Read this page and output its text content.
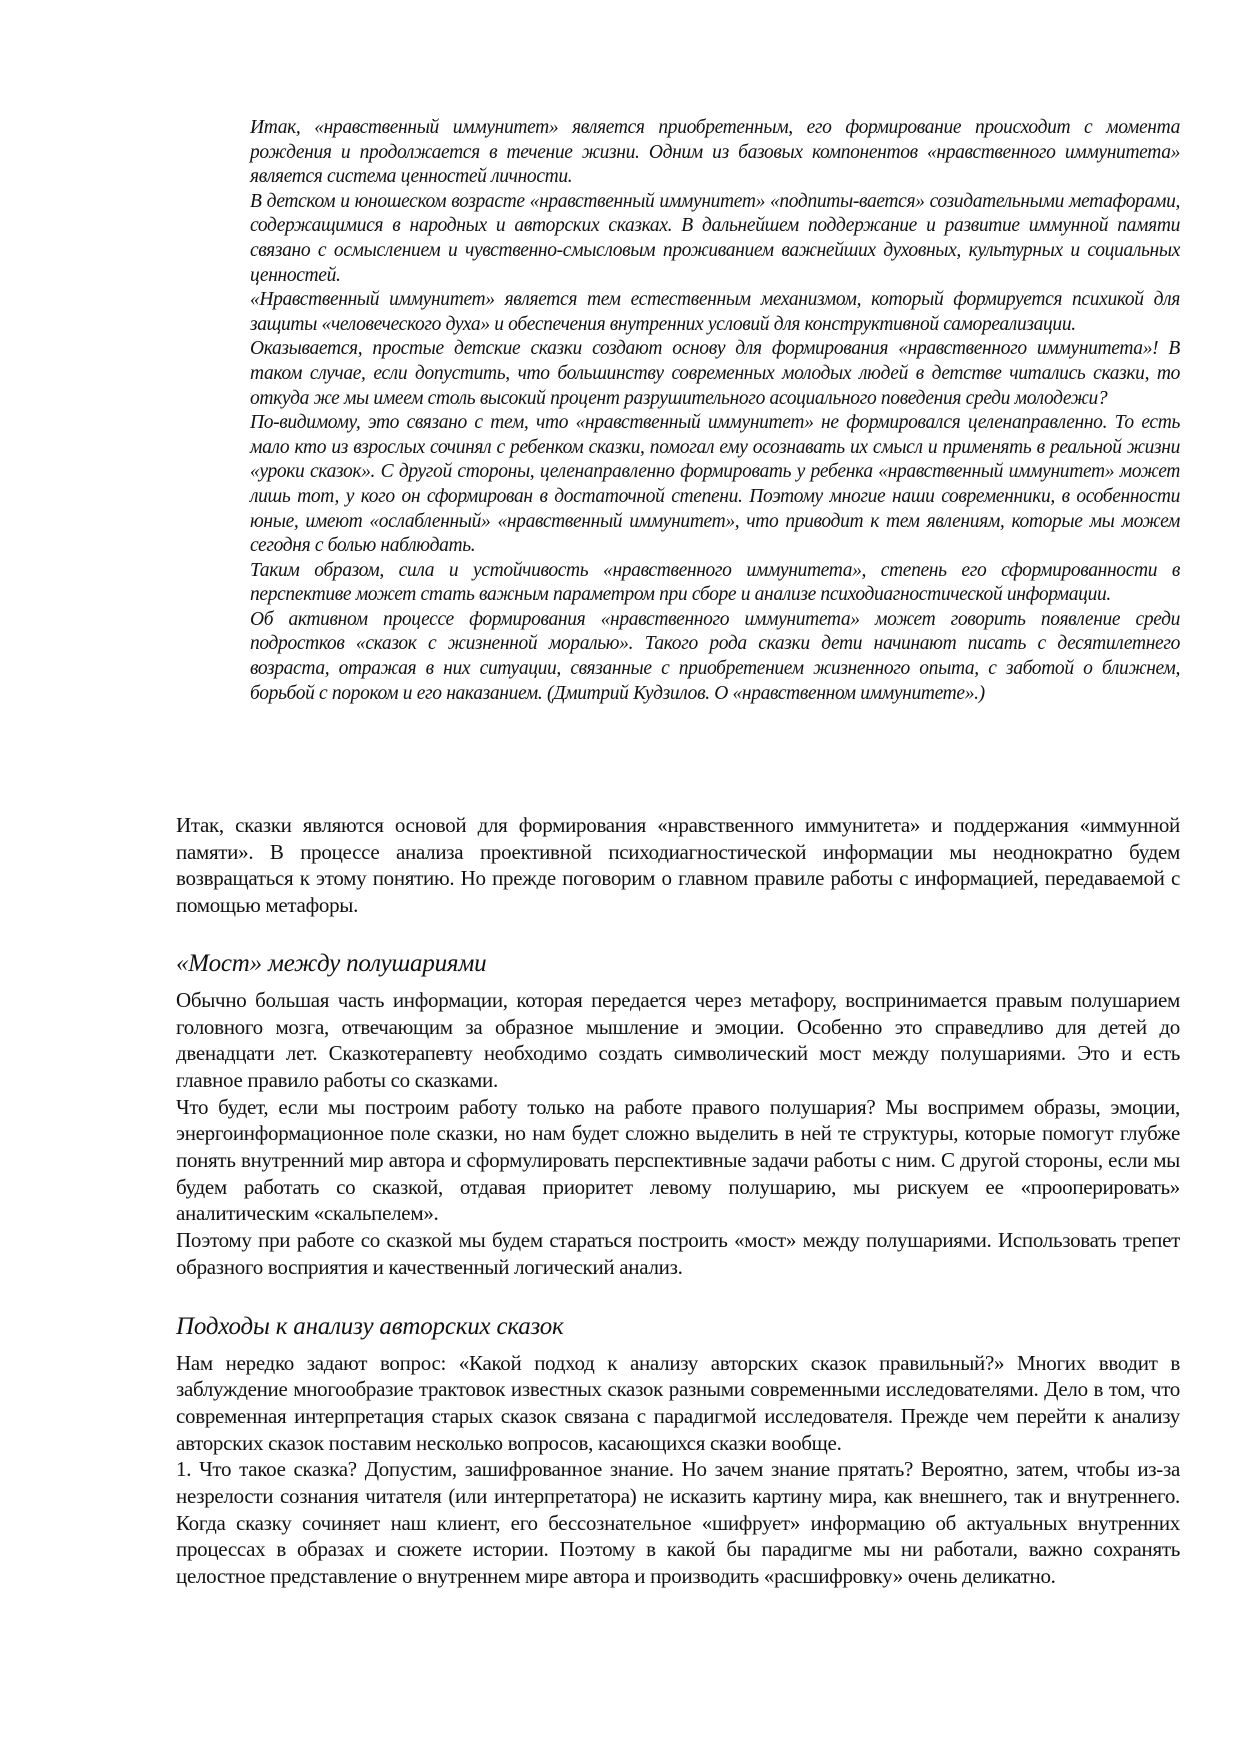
Итак, «нравственный иммунитет» является приобретенным, его формирование происходит с момента рождения и продолжается в течение жизни. Одним из базовых компонентов «нравственного иммунитета» является система ценностей личности.

В детском и юношеском возрасте «нравственный иммунитет» «подпиты-вается» созидательными метафорами, содержащимися в народных и авторских сказках. В дальнейшем поддержание и развитие иммунной памяти связано с осмыслением и чувственно-смысловым проживанием важнейших духовных, культурных и социальных ценностей.

«Нравственный иммунитет» является тем естественным механизмом, который формируется психикой для защиты «человеческого духа» и обеспечения внутренних условий для конструктивной самореализации.

Оказывается, простые детские сказки создают основу для формирования «нравственного иммунитета»! В таком случае, если допустить, что большинству современных молодых людей в детстве читались сказки, то откуда же мы имеем столь высокий процент разрушительного асоциального поведения среди молодежи?

По-видимому, это связано с тем, что «нравственный иммунитет» не формировался целенаправленно. То есть мало кто из взрослых сочинял с ребенком сказки, помогал ему осознавать их смысл и применять в реальной жизни «уроки сказок». С другой стороны, целенаправленно формировать у ребенка «нравственный иммунитет» может лишь тот, у кого он сформирован в достаточной степени. Поэтому многие наши современники, в особенности юные, имеют «ослабленный» «нравственный иммунитет», что приводит к тем явлениям, которые мы можем сегодня с болью наблюдать.

Таким образом, сила и устойчивость «нравственного иммунитета», степень его сформированности в перспективе может стать важным параметром при сборе и анализе психодиагностической информации.

Об активном процессе формирования «нравственного иммунитета» может говорить появление среди подростков «сказок с жизненной моралью». Такого рода сказки дети начинают писать с десятилетнего возраста, отражая в них ситуации, связанные с приобретением жизненного опыта, с заботой о ближнем, борьбой с пороком и его наказанием. (Дмитрий Кудзилов. О «нравственном иммунитете».)

Итак, сказки являются основой для формирования «нравственного иммунитета» и поддержания «иммунной памяти». В процессе анализа проективной психодиагностической информации мы неоднократно будем возвращаться к этому понятию. Но прежде поговорим о главном правиле работы с информацией, передаваемой с помощью метафоры.

«Мост» между полушариями

Обычно большая часть информации, которая передается через метафору, воспринимается правым полушарием головного мозга, отвечающим за образное мышление и эмоции. Особенно это справедливо для детей до двенадцати лет. Сказкотерапевту необходимо создать символический мост между полушариями. Это и есть главное правило работы со сказками.

Что будет, если мы построим работу только на работе правого полушария? Мы воспримем образы, эмоции, энергоинформационное поле сказки, но нам будет сложно выделить в ней те структуры, которые помогут глубже понять внутренний мир автора и сформулировать перспективные задачи работы с ним. С другой стороны, если мы будем работать со сказкой, отдавая приоритет левому полушарию, мы рискуем ее «прооперировать» аналитическим «скальпелем».

Поэтому при работе со сказкой мы будем стараться построить «мост» между полушариями. Использовать трепет образного восприятия и качественный логический анализ.

Подходы к анализу авторских сказок

Нам нередко задают вопрос: «Какой подход к анализу авторских сказок правильный?» Многих вводит в заблуждение многообразие трактовок известных сказок разными современными исследователями. Дело в том, что современная интерпретация старых сказок связана с парадигмой исследователя. Прежде чем перейти к анализу авторских сказок поставим несколько вопросов, касающихся сказки вообще.

1. Что такое сказка? Допустим, зашифрованное знание. Но зачем знание прятать? Вероятно, затем, чтобы из-за незрелости сознания читателя (или интерпретатора) не исказить картину мира, как внешнего, так и внутреннего. Когда сказку сочиняет наш клиент, его бессознательное «шифрует» информацию об актуальных внутренних процессах в образах и сюжете истории. Поэтому в какой бы парадигме мы ни работали, важно сохранять целостное представление о внутреннем мире автора и производить «расшифровку» очень деликатно.
